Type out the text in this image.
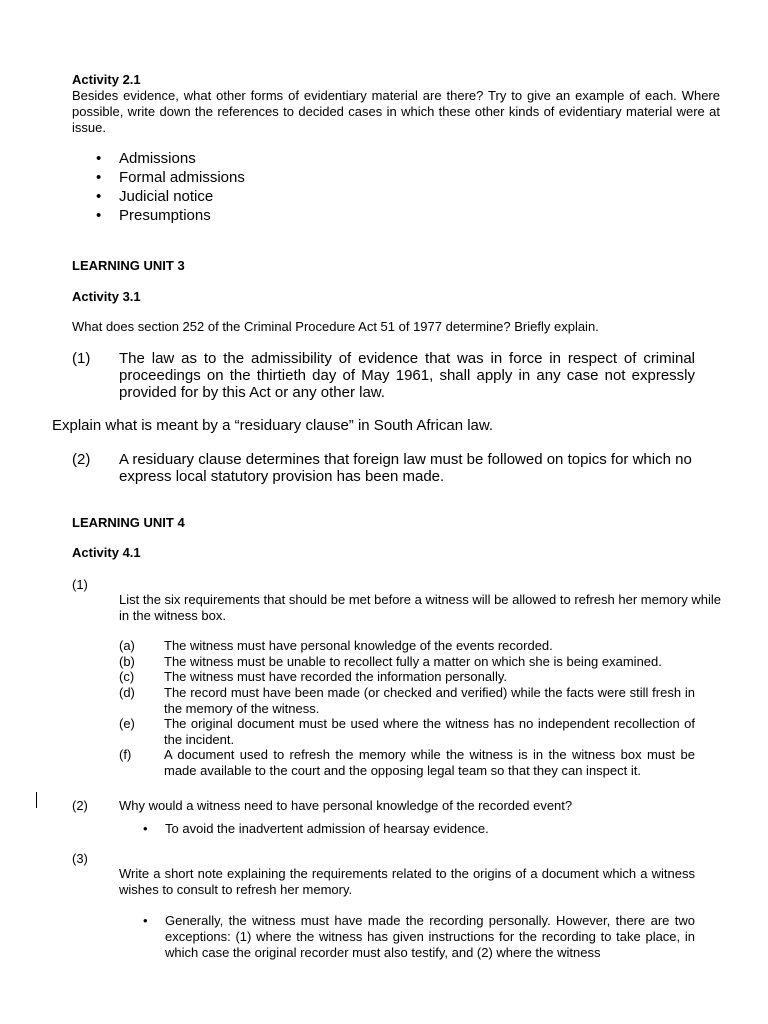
Activity 2.1
Besides evidence, what other forms of evidentiary material are there? Try to give an example of each. Where possible, write down the references to decided cases in which these other kinds of evidentiary material were at issue.
• Admissions
• Formal admissions
• Judicial notice
• Presumptions
LEARNING UNIT 3
Activity 3.1
What does section 252 of the Criminal Procedure Act 51 of 1977 determine? Briefly explain.
(1) The law as to the admissibility of evidence that was in force in respect of criminal proceedings on the thirtieth day of May 1961, shall apply in any case not expressly provided for by this Act or any other law.
Explain what is meant by a “residuary clause” in South African law.
(2) A residuary clause determines that foreign law must be followed on topics for which no express local statutory provision has been made.
LEARNING UNIT 4
Activity 4.1
(1)
List the six requirements that should be met before a witness will be allowed to refresh her memory while in the witness box.
(a) The witness must have personal knowledge of the events recorded.
(b) The witness must be unable to recollect fully a matter on which she is being examined.
(c) The witness must have recorded the information personally.
(d) The record must have been made (or checked and verified) while the facts were still fresh in the memory of the witness.
(e) The original document must be used where the witness has no independent recollection of the incident.
(f)	A document used to refresh the memory while the witness is in the witness box must be made available to the court and the opposing legal team so that they can inspect it.
(2) Why would a witness need to have personal knowledge of the recorded event?
• To avoid the inadvertent admission of hearsay evidence.
(3)
Write a short note explaining the requirements related to the origins of a document which a witness wishes to consult to refresh her memory.
• Generally, the witness must have made the recording personally. However, there are two exceptions: (1) where the witness has given instructions for the recording to take place, in which case the original recorder must also testify, and (2) where the witness
